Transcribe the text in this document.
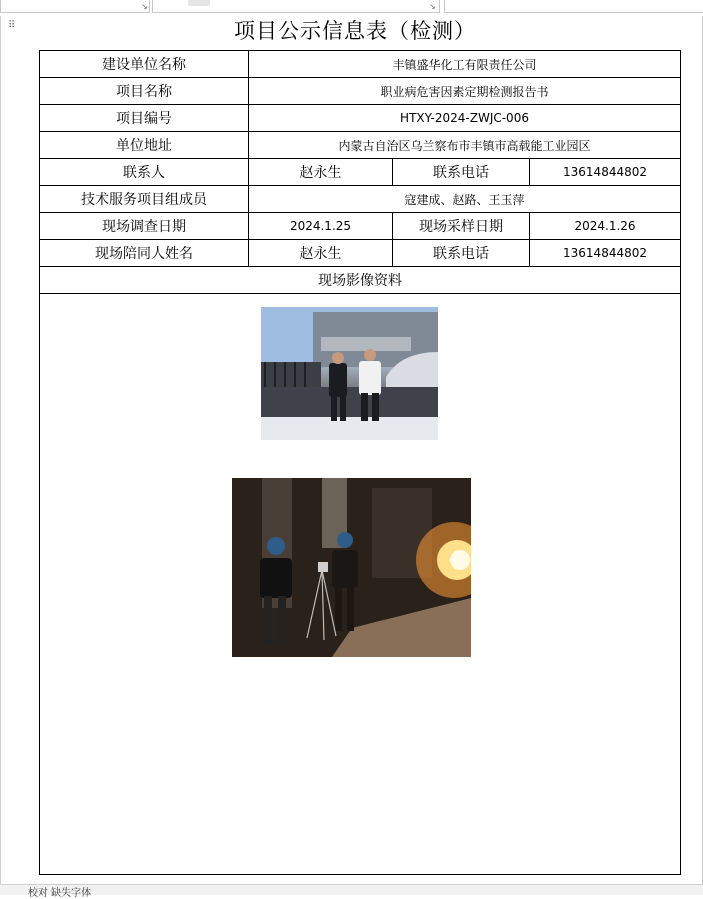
↘	↘
⠿	项目公示信息表（检测）
建设单位名称	丰镇盛华化工有限责任公司		
项目名称	职业病危害因素定期检测报告书		
项目编号	HTXY-2024-ZWJC-006		
单位地址	内蒙古自治区乌兰察布市丰镇市高载能工业园区		
联系人	赵永生	联系电话	13614844802
技术服务项目组成员	寇建成、赵路、王玉萍		
现场调查日期	2024.1.25	现场采样日期	2024.1.26
现场陪同人姓名	赵永生	联系电话	13614844802
现场影像资料			

校对 缺失字体
